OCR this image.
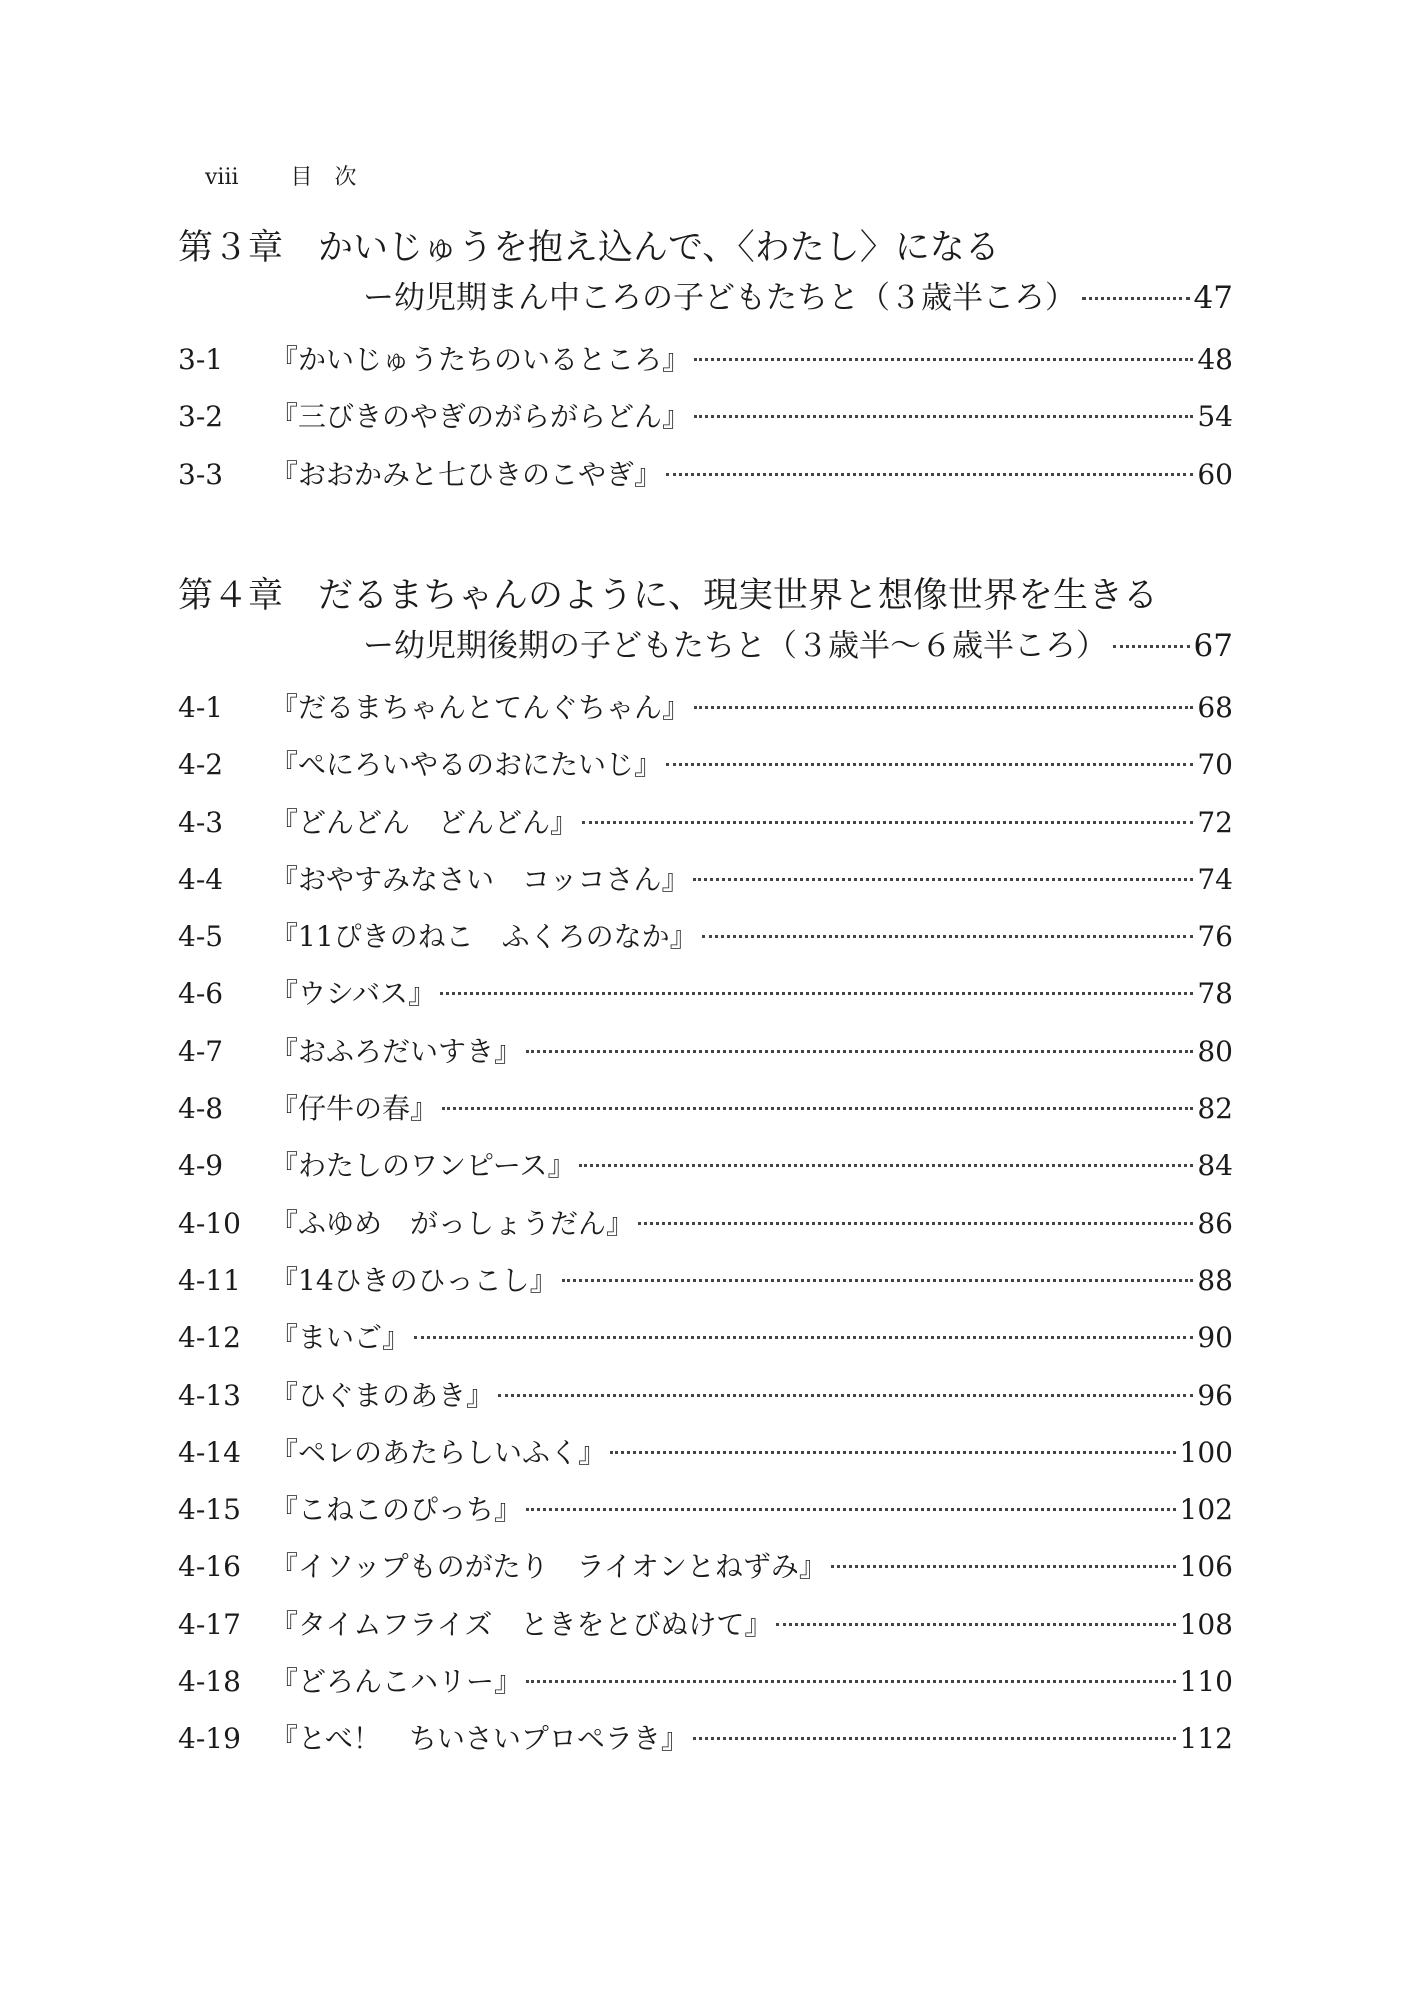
viii 目　次
第３章 かいじゅうを抱え込んで、〈わたし〉になる
ー幼児期まん中ころの子どもたちと（３歳半ころ）	47
3-1	『かいじゅうたちのいるところ』	48
3-2	『三びきのやぎのがらがらどん』	54
3-3	『おおかみと七ひきのこやぎ』	60
第４章 だるまちゃんのように、現実世界と想像世界を生きる
ー幼児期後期の子どもたちと（３歳半～６歳半ころ）	67
4-1	『だるまちゃんとてんぐちゃん』	68
4-2	『ぺにろいやるのおにたいじ』	70
4-3	『どんどん　どんどん』	72
4-4	『おやすみなさい　コッコさん』	74
4-5	『11ぴきのねこ　ふくろのなか』	76
4-6	『ウシバス』	78
4-7	『おふろだいすき』	80
4-8	『仔牛の春』	82
4-9	『わたしのワンピース』	84
4-10	『ふゆめ　がっしょうだん』	86
4-11	『14ひきのひっこし』	88
4-12	『まいご』	90
4-13	『ひぐまのあき』	96
4-14	『ペレのあたらしいふく』	100
4-15	『こねこのぴっち』	102
4-16	『イソップものがたり　ライオンとねずみ』	106
4-17	『タイムフライズ　ときをとびぬけて』	108
4-18	『どろんこハリー』	110
4-19	『とべ！　ちいさいプロペラき』	112
